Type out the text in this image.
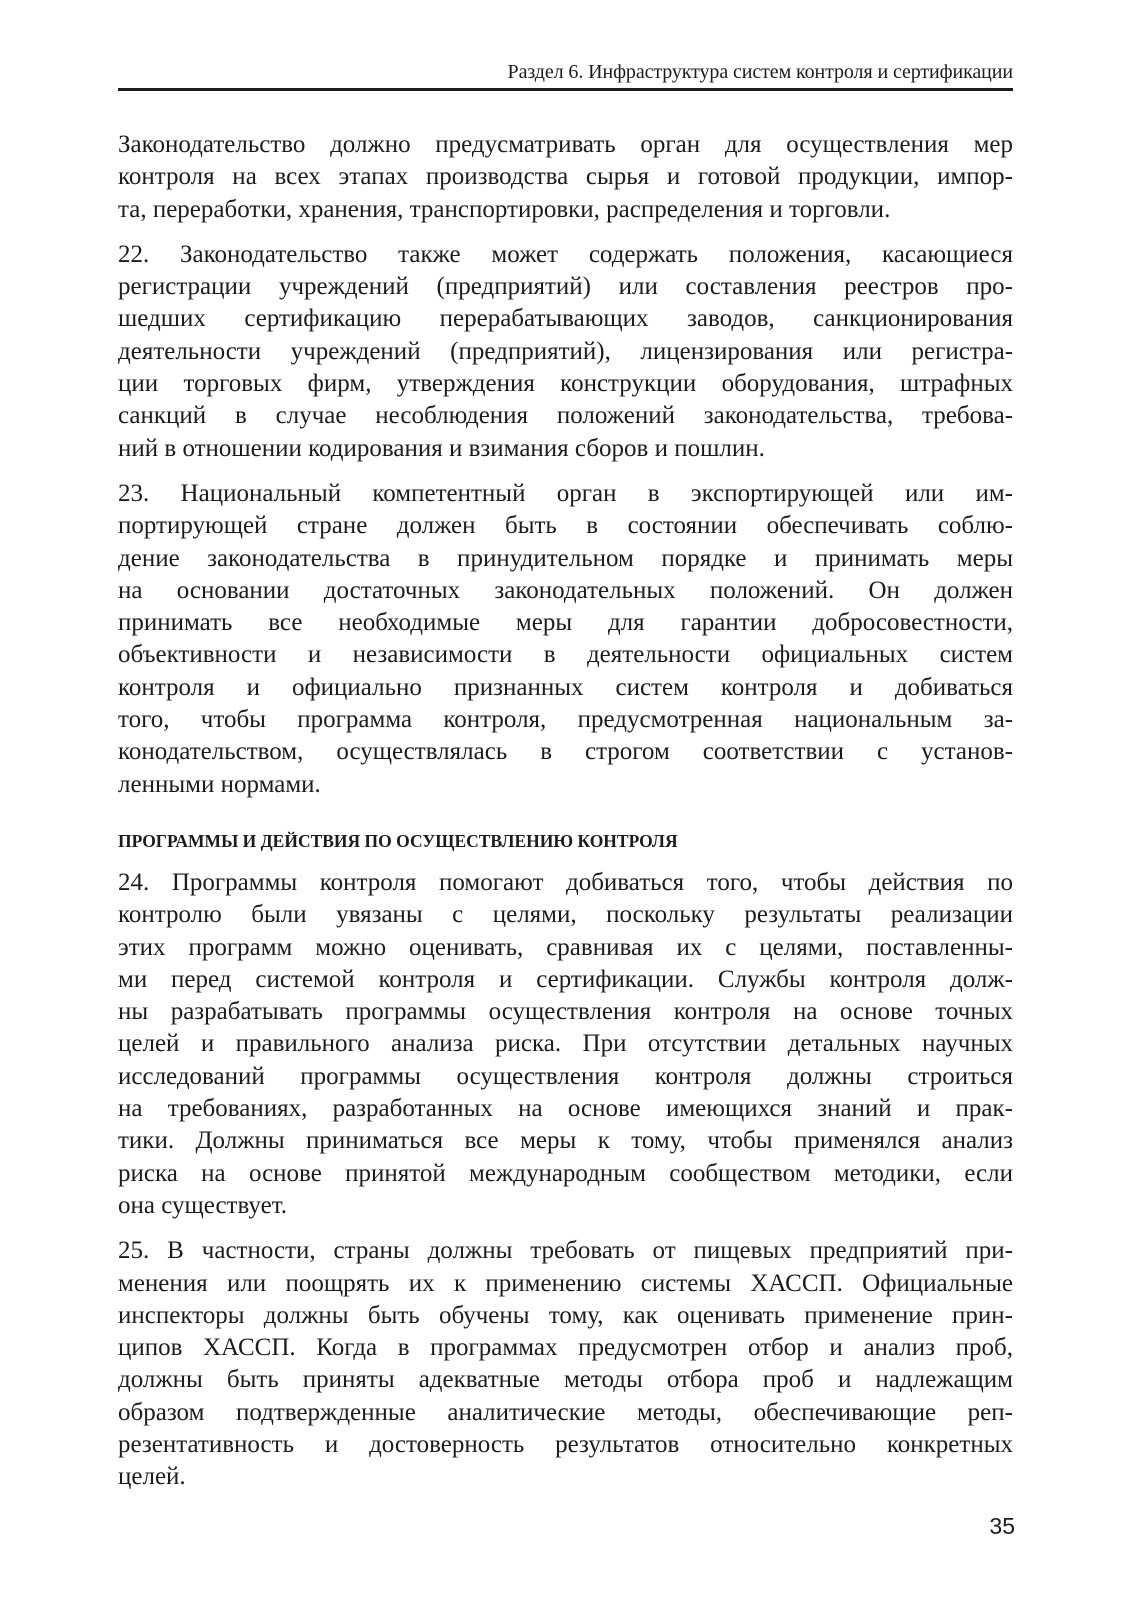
Раздел 6. Инфраструктура систем контроля и сертификации

Законодательство должно предусматривать орган для осуществления мер
контроля на всех этапах производства сырья и готовой продукции, импор-
та, переработки, хранения, транспортировки, распределения и торговли.

22. Законодательство также может содержать положения, касающиеся
регистрации учреждений (предприятий) или составления реестров про-
шедших сертификацию перерабатывающих заводов, санкционирования
деятельности учреждений (предприятий), лицензирования или регистра-
ции торговых фирм, утверждения конструкции оборудования, штрафных
санкций в случае несоблюдения положений законодательства, требова-
ний в отношении кодирования и взимания сборов и пошлин.

23. Национальный компетентный орган в экспортирующей или им-
портирующей стране должен быть в состоянии обеспечивать соблю-
дение законодательства в принудительном порядке и принимать меры
на основании достаточных законодательных положений. Он должен
принимать все необходимые меры для гарантии добросовестности,
объективности и независимости в деятельности официальных систем
контроля и официально признанных систем контроля и добиваться
того, чтобы программа контроля, предусмотренная национальным за-
конодательством, осуществлялась в строгом соответствии с установ-
ленными нормами.

ПРОГРАММЫ И ДЕЙСТВИЯ ПО ОСУЩЕСТВЛЕНИЮ КОНТРОЛЯ

24. Программы контроля помогают добиваться того, чтобы действия по
контролю были увязаны с целями, поскольку результаты реализации
этих программ можно оценивать, сравнивая их с целями, поставленны-
ми перед системой контроля и сертификации. Службы контроля долж-
ны разрабатывать программы осуществления контроля на основе точных
целей и правильного анализа риска. При отсутствии детальных научных
исследований программы осуществления контроля должны строиться
на требованиях, разработанных на основе имеющихся знаний и прак-
тики. Должны приниматься все меры к тому, чтобы применялся анализ
риска на основе принятой международным сообществом методики, если
она существует.

25. В частности, страны должны требовать от пищевых предприятий при-
менения или поощрять их к применению системы ХАССП. Официальные
инспекторы должны быть обучены тому, как оценивать применение прин-
ципов ХАССП. Когда в программах предусмотрен отбор и анализ проб,
должны быть приняты адекватные методы отбора проб и надлежащим
образом подтвержденные аналитические методы, обеспечивающие реп-
резентативность и достоверность результатов относительно конкретных
целей.

35
